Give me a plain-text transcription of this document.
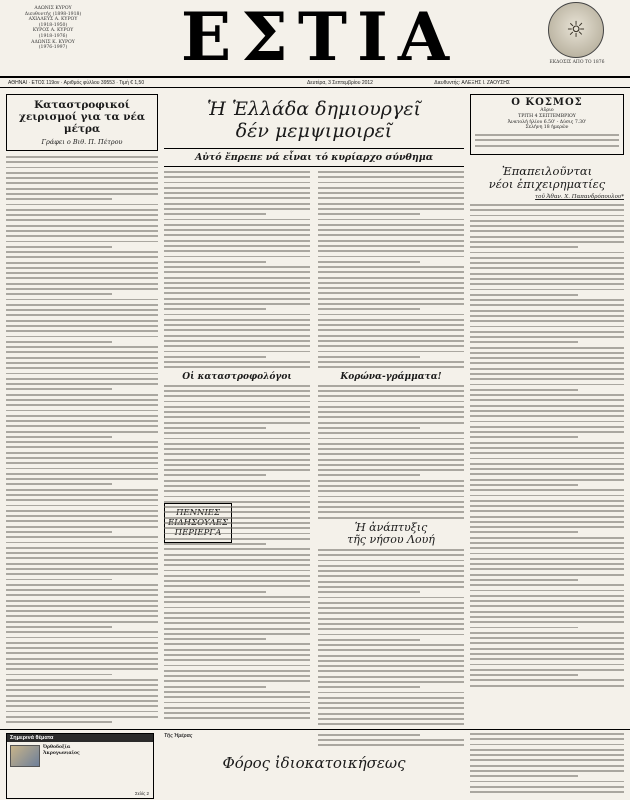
ΑΔΩΝΙΣ ΚΥΡΟΥ
Διευθυντής (1898-1918)
ΑΧΙΛΛΕΥΣ Α. ΚΥΡΟΥ
(1918-1950)
ΚΥΡΟΣ Α. ΚΥΡΟΥ
(1918-1976)
ΑΔΩΝΙΣ Κ. ΚΥΡΟΥ
(1976-1997)	ΕΣΤΙΑ	☼
ΕΚΔΟΣΙΣ ΑΠΟ ΤΟ 1876
ΑΘΗΝΑΙ · ΕΤΟΣ 119ον · Αριθμός φύλλου 39553 · Τιμή € 1,50	Δευτέρα, 3 Σεπτεμβρίου 2012	Διευθυντής: ΑΛΕΞΗΣ Ι. ΖΑΟΥΣΗΣ
Καταστροφικοί χειρισμοί για τα νέα μέτρα
Γράφει ο Βιθ. Π. Πέτρου
Ἡ Ἑλλάδα δημιουργεῖ
δέν μεμψιμοιρεῖ
Αὐτό ἔπρεπε νά εἶναι τό κυρίαρχο σύνθημα
Οἱ καταστροφολόγοι	Κορώνα-γράμματα!
Ἡ ἀνάπτυξις
τῆς νήσου Λουή
Ο ΚΟΣΜΟΣ
Αὔριο
ΤΡΙΤΗ 4 ΣΕΠΤΕΜΒΡΙΟΥ
Ἀνατολή ἡλίου 6.50' - Δύσις 7.30'
Σελήνη 18 ἡμερῶν
Ἐπαπειλοῦνται
νέοι ἐπιχειρηματίες
τοῦ Ἀθαν. Χ. Παπανδρόπουλου*
Σημερινά θέματα
Ὀρθοδοξία
Ἀκρογωνιαῖος
Σελίς 2
Τῆς Ἡμέρας
Φόρος ἰδιοκατοικήσεως
